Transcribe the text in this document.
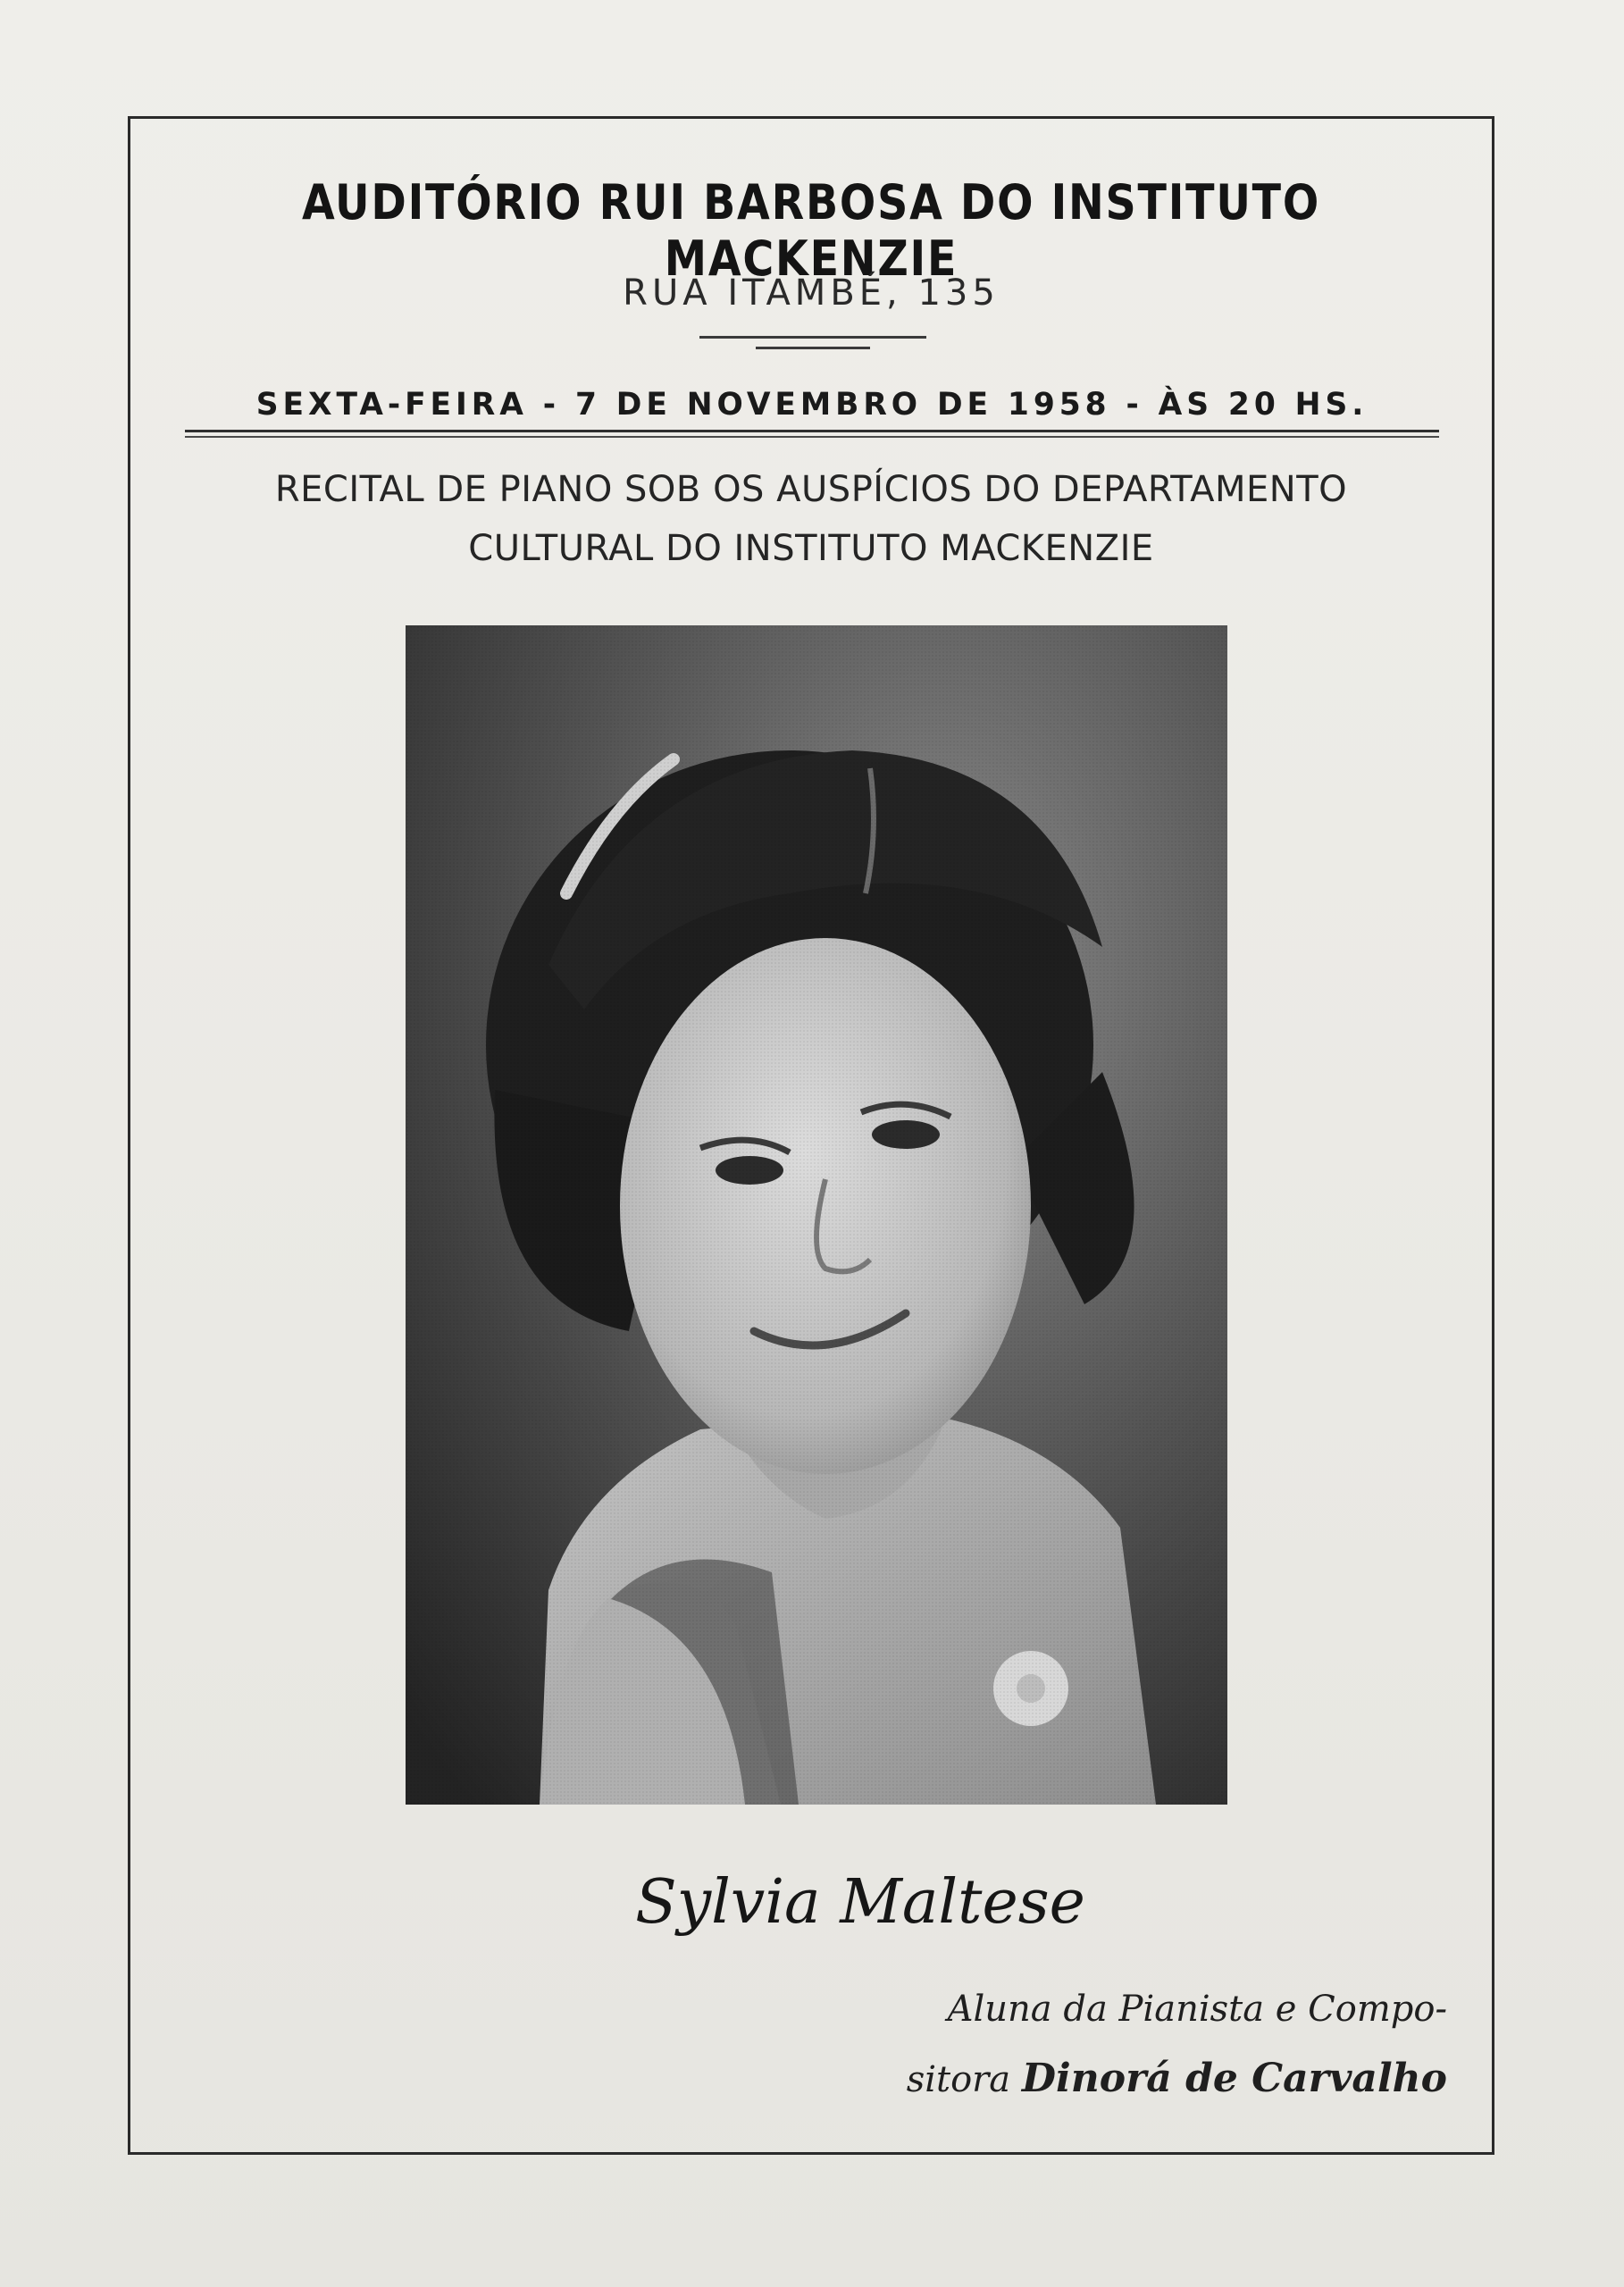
AUDITÓRIO RUI BARBOSA DO INSTITUTO MACKENZIE
RUA ITAMBÉ, 135
SEXTA-FEIRA - 7 DE NOVEMBRO DE 1958 - ÀS 20 HS.
RECITAL DE PIANO SOB OS AUSPÍCIOS DO DEPARTAMENTO
CULTURAL DO INSTITUTO MACKENZIE
Sylvia Maltese
Aluna da Pianista e Compo-
sitora Dinorá de Carvalho
